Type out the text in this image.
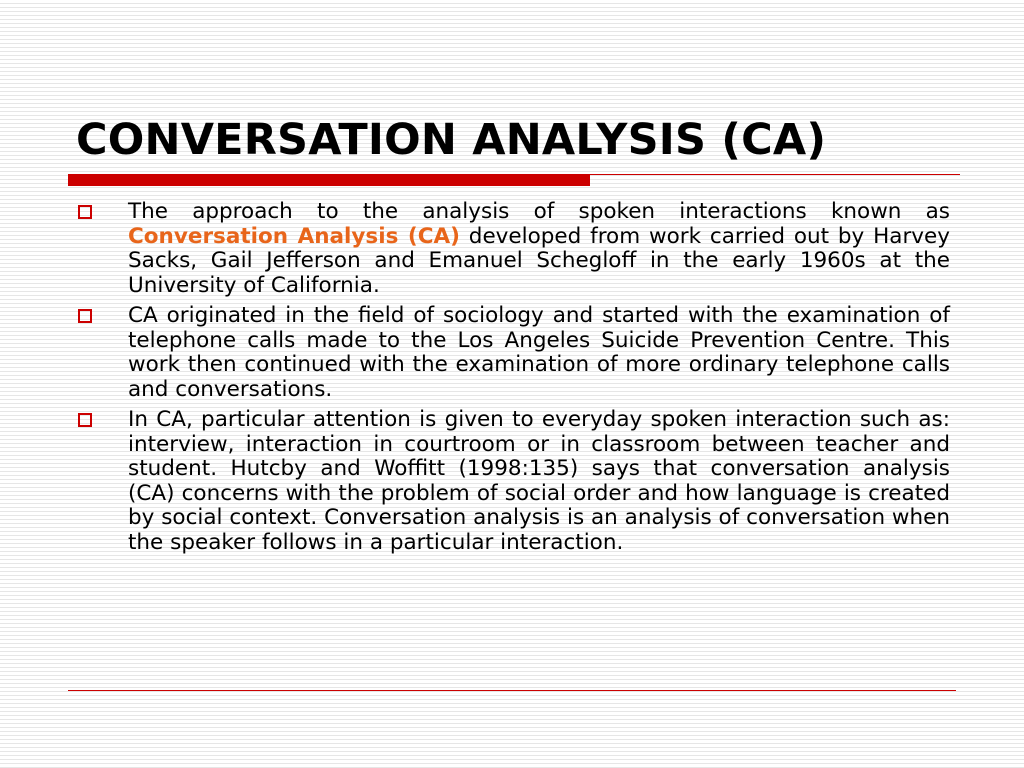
CONVERSATION ANALYSIS (CA)

The approach to the analysis of spoken interactions known as Conversation Analysis (CA) developed from work carried out by Harvey Sacks, Gail Jefferson and Emanuel Schegloff in the early 1960s at the University of California.

CA originated in the field of sociology and started with the examination of telephone calls made to the Los Angeles Suicide Prevention Centre. This work then continued with the examination of more ordinary telephone calls and conversations.

In CA, particular attention is given to everyday spoken interaction such as: interview, interaction in courtroom or in classroom between teacher and student. Hutcby and Woffitt (1998:135) says that conversation analysis (CA) concerns with the problem of social order and how language is created by social context. Conversation analysis is an analysis of conversation when the speaker follows in a particular interaction.
